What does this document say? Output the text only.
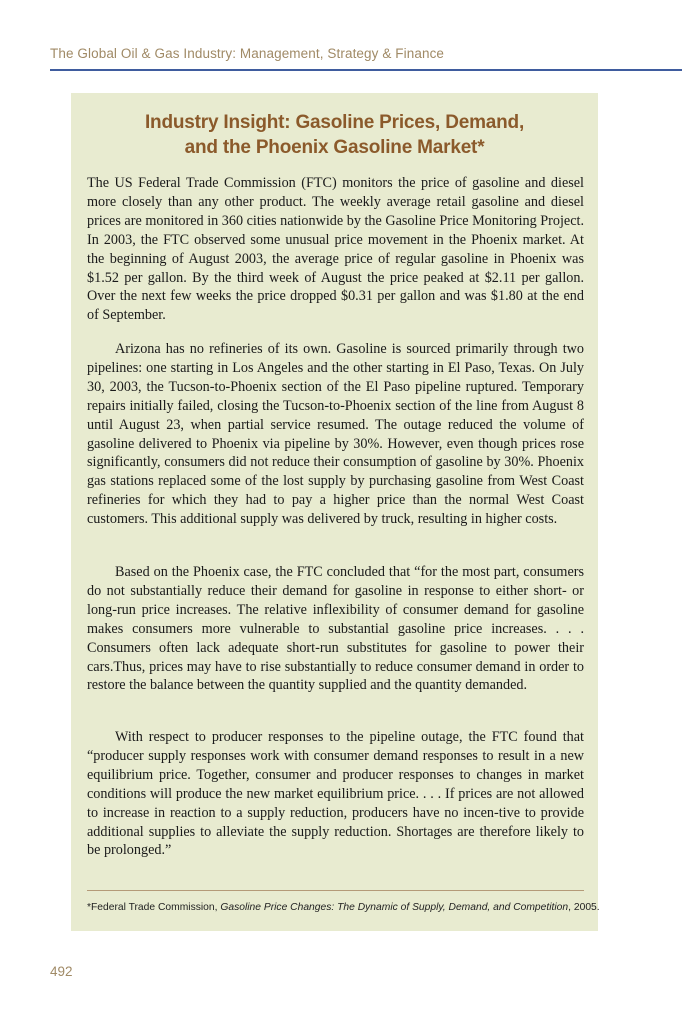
The Global Oil & Gas Industry: Management, Strategy & Finance
Industry Insight: Gasoline Prices, Demand,
and the Phoenix Gasoline Market*

The US Federal Trade Commission (FTC) monitors the price of gasoline and diesel more closely than any other product. The weekly average retail gasoline and diesel prices are monitored in 360 cities nationwide by the Gasoline Price Monitoring Project. In 2003, the FTC observed some unusual price movement in the Phoenix market. At the beginning of August 2003, the average price of regular gasoline in Phoenix was $1.52 per gallon. By the third week of August the price peaked at $2.11 per gallon. Over the next few weeks the price dropped $0.31 per gallon and was $1.80 at the end of September.

Arizona has no refineries of its own. Gasoline is sourced primarily through two pipelines: one starting in Los Angeles and the other starting in El Paso, Texas. On July 30, 2003, the Tucson-to-Phoenix section of the El Paso pipeline ruptured. Temporary repairs initially failed, closing the Tucson-to-Phoenix section of the line from August 8 until August 23, when partial service resumed. The outage reduced the volume of gasoline delivered to Phoenix via pipeline by 30%. However, even though prices rose significantly, consumers did not reduce their consumption of gasoline by 30%. Phoenix gas stations replaced some of the lost supply by purchasing gasoline from West Coast refineries for which they had to pay a higher price than the normal West Coast customers. This additional supply was delivered by truck, resulting in higher costs.

Based on the Phoenix case, the FTC concluded that “for the most part, consumers do not substantially reduce their demand for gasoline in response to either short- or long-run price increases. The relative inflexibility of consumer demand for gasoline makes consumers more vulnerable to substantial gasoline price increases. . . . Consumers often lack adequate short-run substitutes for gasoline to power their cars.Thus, prices may have to rise substantially to reduce consumer demand in order to restore the balance between the quantity supplied and the quantity demanded.

With respect to producer responses to the pipeline outage, the FTC found that “producer supply responses work with consumer demand responses to result in a new equilibrium price. Together, consumer and producer responses to changes in market conditions will produce the new market equilibrium price. . . . If prices are not allowed to increase in reaction to a supply reduction, producers have no incen-tive to provide additional supplies to alleviate the supply reduction. Shortages are therefore likely to be prolonged.”

*Federal Trade Commission, Gasoline Price Changes: The Dynamic of Supply, Demand, and Competition, 2005.
492
